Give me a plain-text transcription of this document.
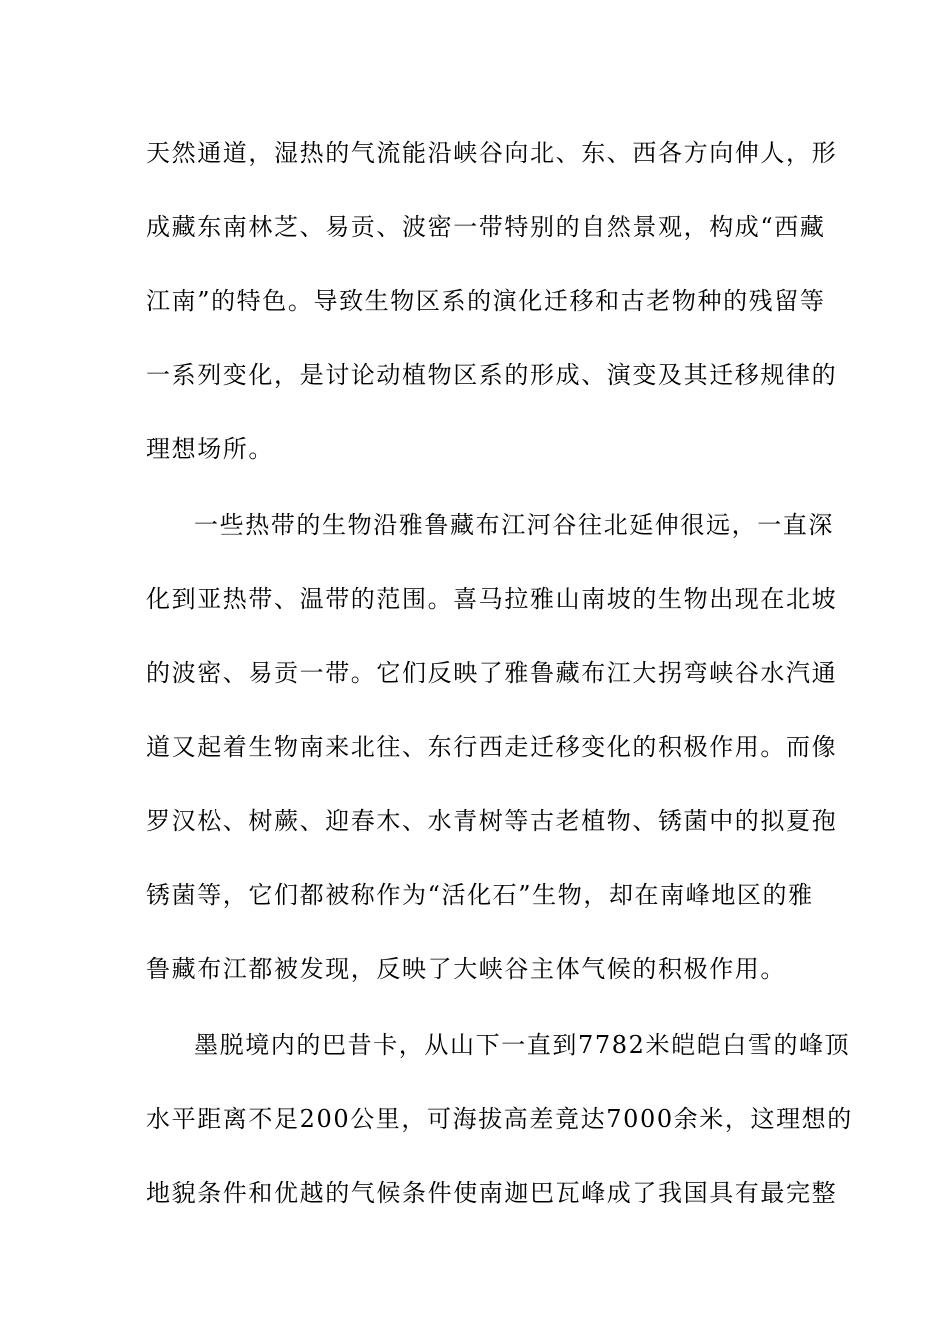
天然通道，湿热的气流能沿峡谷向北、东、西各方向伸人，形
成藏东南林芝、易贡、波密一带特别的自然景观，构成“西藏
江南”的特色。导致生物区系的演化迁移和古老物种的残留等
一系列变化，是讨论动植物区系的形成、演变及其迁移规律的
理想场所。
一些热带的生物沿雅鲁藏布江河谷往北延伸很远，一直深
化到亚热带、温带的范围。喜马拉雅山南坡的生物出现在北坡
的波密、易贡一带。它们反映了雅鲁藏布江大拐弯峡谷水汽通
道又起着生物南来北往、东行西走迁移变化的积极作用。而像
罗汉松、树蕨、迎春木、水青树等古老植物、锈菌中的拟夏孢
锈菌等，它们都被称作为“活化石”生物，却在南峰地区的雅
鲁藏布江都被发现，反映了大峡谷主体气候的积极作用。
墨脱境内的巴昔卡，从山下一直到7782米皑皑白雪的峰顶
水平距离不足200公里，可海拔高差竟达7000余米，这理想的
地貌条件和优越的气候条件使南迦巴瓦峰成了我国具有最完整
